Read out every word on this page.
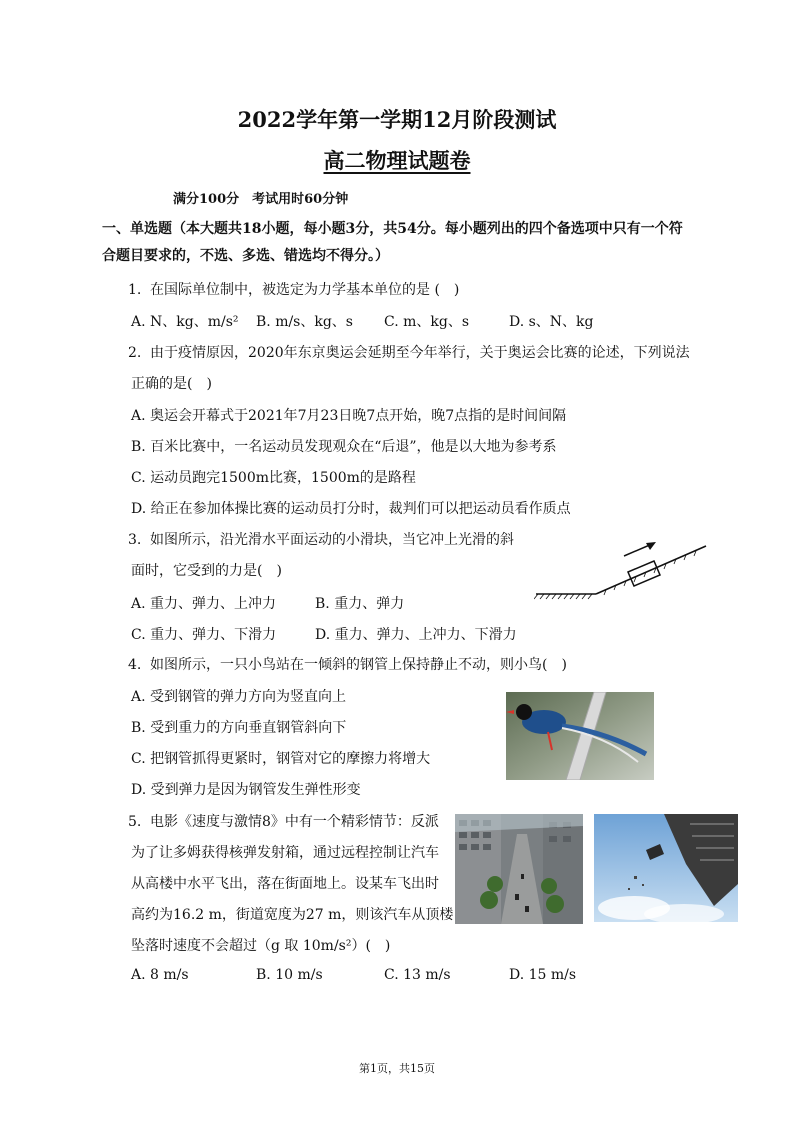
2022学年第一学期12月阶段测试
高二物理试题卷
满分100分　考试用时60分钟
一、单选题（本大题共18小题，每小题3分，共54分。每小题列出的四个备选项中只有一个符
合题目要求的，不选、多选、错选均不得分。）
1. 在国际单位制中，被选定为力学基本单位的是 (　)
A. N、kg、m/s² B. m/s、kg、s C. m、kg、s	D. s、N、kg
2. 由于疫情原因，2020年东京奥运会延期至今年举行，关于奥运会比赛的论述，下列说法
正确的是(　)
A. 奥运会开幕式于2021年7月23日晚7点开始，晚7点指的是时间间隔
B. 百米比赛中，一名运动员发现观众在“后退”，他是以大地为参考系
C. 运动员跑完1500m比赛，1500m的是路程
D. 给正在参加体操比赛的运动员打分时，裁判们可以把运动员看作质点
3. 如图所示，沿光滑水平面运动的小滑块，当它冲上光滑的斜
面时，它受到的力是(　)
A. 重力、弹力、上冲力	B. 重力、弹力
C. 重力、弹力、下滑力	D. 重力、弹力、上冲力、下滑力
4. 如图所示，一只小鸟站在一倾斜的钢管上保持静止不动，则小鸟(　)
A. 受到钢管的弹力方向为竖直向上
B. 受到重力的方向垂直钢管斜向下
C. 把钢管抓得更紧时，钢管对它的摩擦力将增大
D. 受到弹力是因为钢管发生弹性形变
5. 电影《速度与激情8》中有一个精彩情节：反派
为了让多姆获得核弹发射箱，通过远程控制让汽车
从高楼中水平飞出，落在街面地上。设某车飞出时
高约为16.2 m，街道宽度为27 m，则该汽车从顶楼
坠落时速度不会超过（g 取 10m/s²）(　)
A. 8 m/s	B. 10 m/s	C. 13 m/s	D. 15 m/s
第1页，共15页
